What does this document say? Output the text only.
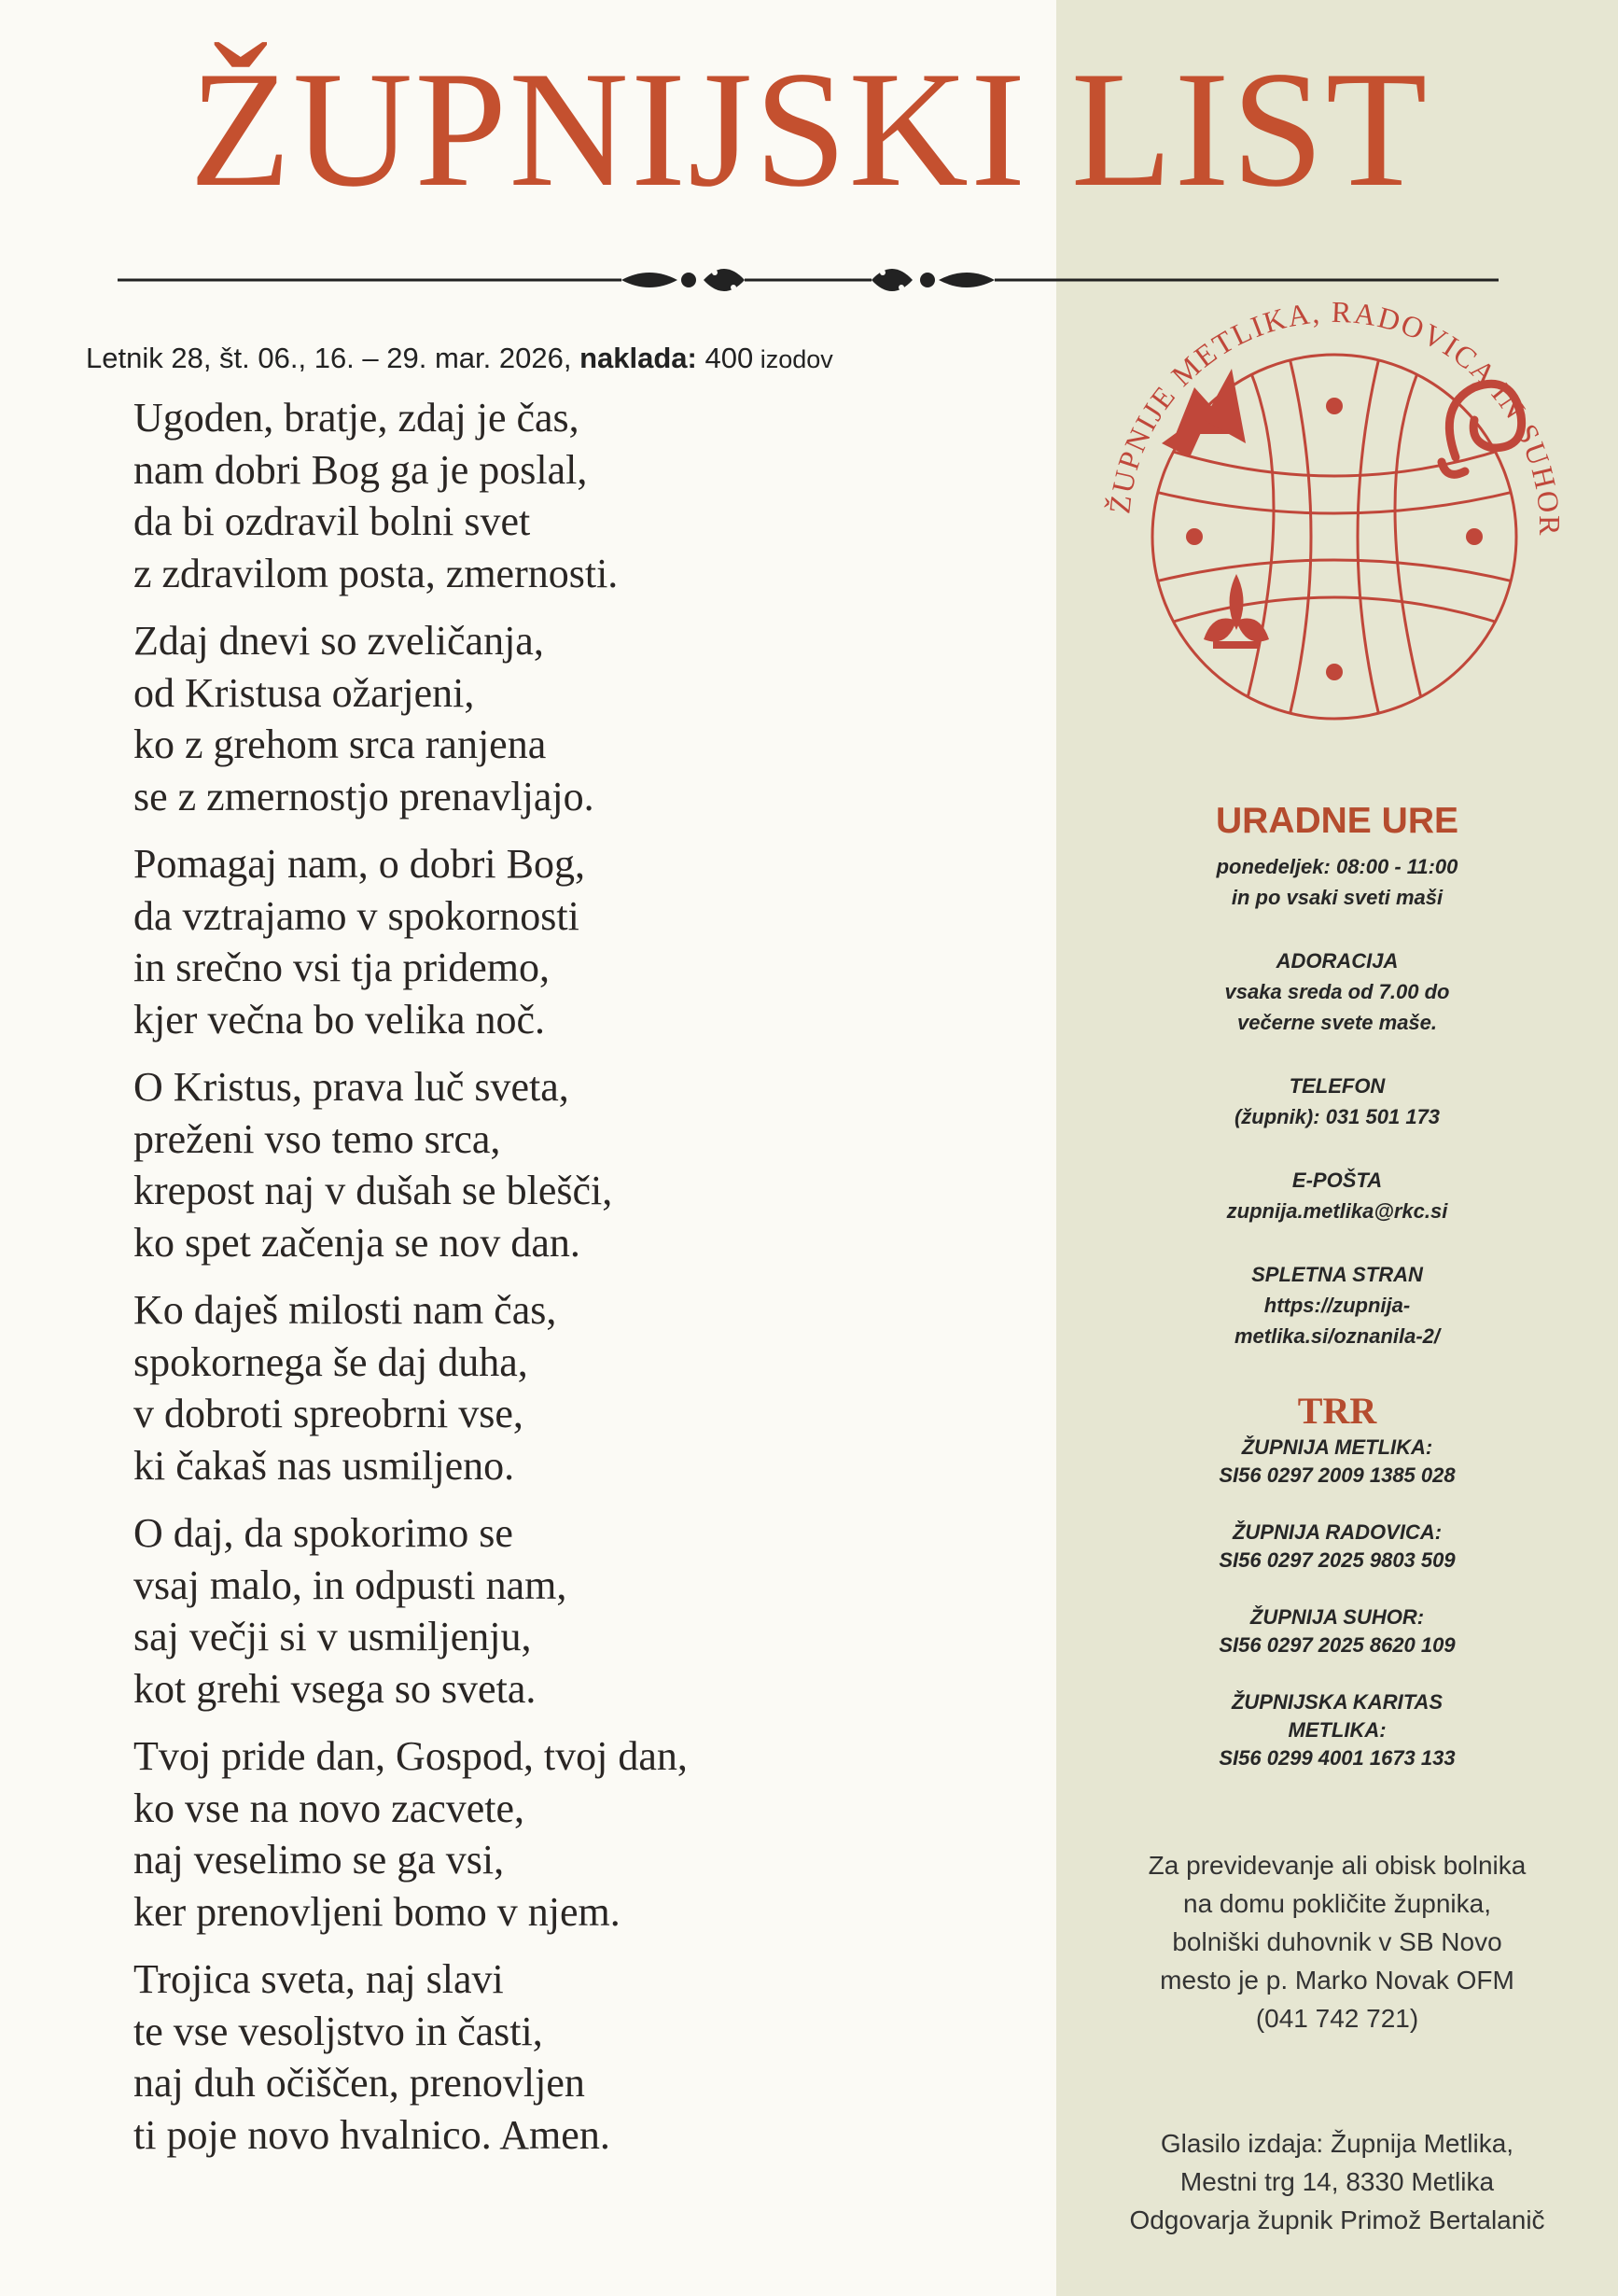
ŽUPNIJSKI LIST
Letnik 28, št. 06., 16. – 29. mar. 2026, naklada: 400 izodov
Ugoden, bratje, zdaj je čas,
nam dobri Bog ga je poslal,
da bi ozdravil bolni svet
z zdravilom posta, zmernosti.
Zdaj dnevi so zveličanja,
od Kristusa ožarjeni,
ko z grehom srca ranjena
se z zmernostjo prenavljajo.
Pomagaj nam, o dobri Bog,
da vztrajamo v spokornosti
in srečno vsi tja pridemo,
kjer večna bo velika noč.
O Kristus, prava luč sveta,
preženi vso temo srca,
krepost naj v dušah se blešči,
ko spet začenja se nov dan.
Ko daješ milosti nam čas,
spokornega še daj duha,
v dobroti spreobrni vse,
ki čakaš nas usmiljeno.
O daj, da spokorimo se
vsaj malo, in odpusti nam,
saj večji si v usmiljenju,
kot grehi vsega so sveta.
Tvoj pride dan, Gospod, tvoj dan,
ko vse na novo zacvete,
naj veselimo se ga vsi,
ker prenovljeni bomo v njem.
Trojica sveta, naj slavi
te vse vesoljstvo in časti,
naj duh očiščen, prenovljen
ti poje novo hvalnico. Amen.
ŽUPNIJE METLIKA, RADOVICA IN SUHOR
URADNE URE
ponedeljek: 08:00 - 11:00
in po vsaki sveti maši
ADORACIJA
vsaka sreda od 7.00 do
večerne svete maše.
TELEFON
(župnik): 031 501 173
E-POŠTA
zupnija.metlika@rkc.si
SPLETNA STRAN
https://zupnija-
metlika.si/oznanila-2/
TRR
ŽUPNIJA METLIKA:
SI56 0297 2009 1385 028
ŽUPNIJA RADOVICA:
SI56 0297 2025 9803 509
ŽUPNIJA SUHOR:
SI56 0297 2025 8620 109
ŽUPNIJSKA KARITAS
METLIKA:
SI56 0299 4001 1673 133
Za previdevanje ali obisk bolnika
na domu pokličite župnika,
bolniški duhovnik v SB Novo
mesto je p. Marko Novak OFM
(041 742 721)
Glasilo izdaja: Župnija Metlika,
Mestni trg 14, 8330 Metlika
Odgovarja župnik Primož Bertalanič
